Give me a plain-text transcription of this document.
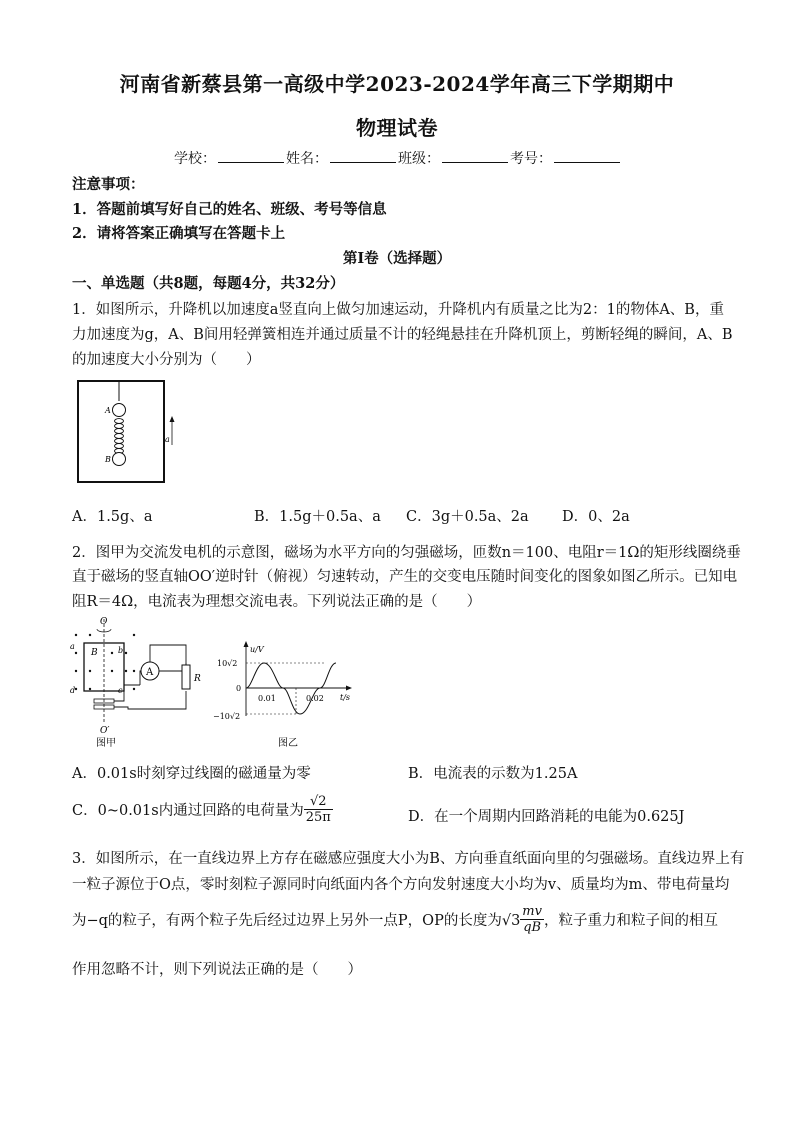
河南省新蔡县第一高级中学2023-2024学年高三下学期期中
物理试卷
学校：	姓名：	班级：	考号：
注意事项：
1．答题前填写好自己的姓名、班级、考号等信息
2．请将答案正确填写在答题卡上
第Ⅰ卷（选择题）
一、单选题（共8题，每题4分，共32分）
1．如图所示，升降机以加速度a竖直向上做匀加速运动，升降机内有质量之比为2：1的物体A、B，重
力加速度为g，A、B间用轻弹簧相连并通过质量不计的轻绳悬挂在升降机顶上，剪断轻绳的瞬间，A、B
的加速度大小分别为（　　）
A
B
a
A．1.5g、a	B．1.5g＋0.5a、a C．3g＋0.5a、2a D．0、2a
2．图甲为交流发电机的示意图，磁场为水平方向的匀强磁场，匝数n＝100、电阻r＝1Ω的矩形线圈绕垂
直于磁场的竖直轴OO′逆时针（俯视）匀速转动，产生的交变电压随时间变化的图象如图乙所示。已知电
阻R＝4Ω，电流表为理想交流电表。下列说法正确的是（　　）
O
a	b
B
d	c
A
R
O′
图甲
u/V
t/s
10√2
0
−10√2
0.01	0.02
图乙
A．0.01s时刻穿过线圈的磁通量为零	B．电流表的示数为1.25A
C．0~0.01s内通过回路的电荷量为 $\frac{√2}{25\pi}$	D．在一个周期内回路消耗的电能为0.625J
3．如图所示，在一直线边界上方存在磁感应强度大小为B、方向垂直纸面向里的匀强磁场。直线边界上有
一粒子源位于O点，零时刻粒子源同时向纸面内各个方向发射速度大小均为v、质量均为m、带电荷量均
为−q的粒子，有两个粒子先后经过边界上另外一点P，OP的长度为$√3 \frac{mv}{qB}$ ，粒子重力和粒子间的相互
作用忽略不计，则下列说法正确的是（　　）
